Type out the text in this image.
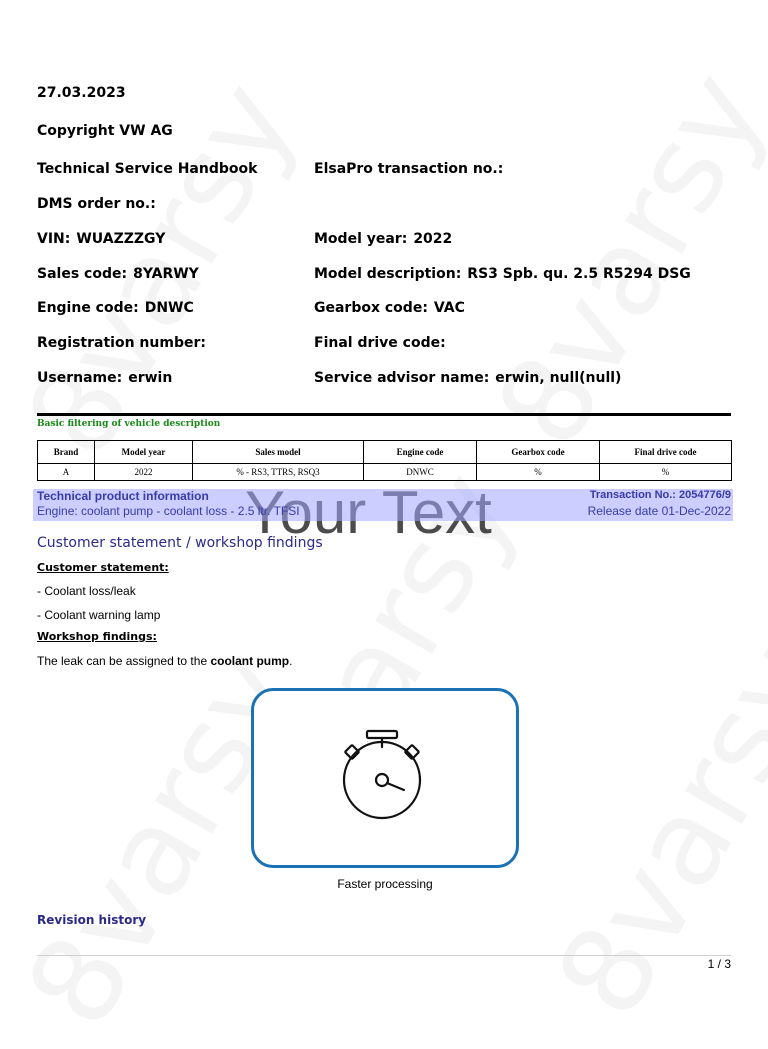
27.03.2023
Copyright VW AG
Technical Service Handbook	ElsaPro transaction no.:
DMS order no.:
VIN: WUAZZZGY	Model year: 2022
Sales code: 8YARWY	Model description: RS3 Spb. qu. 2.5 R5294 DSG
Engine code: DNWC	Gearbox code: VAC
Registration number:	Final drive code:
Username: erwin	Service advisor name: erwin, null(null)
Basic filtering of vehicle description
Brand	Model year	Sales model	Engine code	Gearbox code	Final drive code
A	2022	% - RS3, TTRS, RSQ3	DNWC	%	%
Technical product information
Engine: coolant pump - coolant loss - 2.5 ltr. TFSI
Transaction No.: 2054776/9
Release date 01-Dec-2022
Customer statement / workshop findings
Customer statement:
- Coolant loss/leak
- Coolant warning lamp
Workshop findings:
The leak can be assigned to the coolant pump.
Faster processing
Revision history
1 / 3
